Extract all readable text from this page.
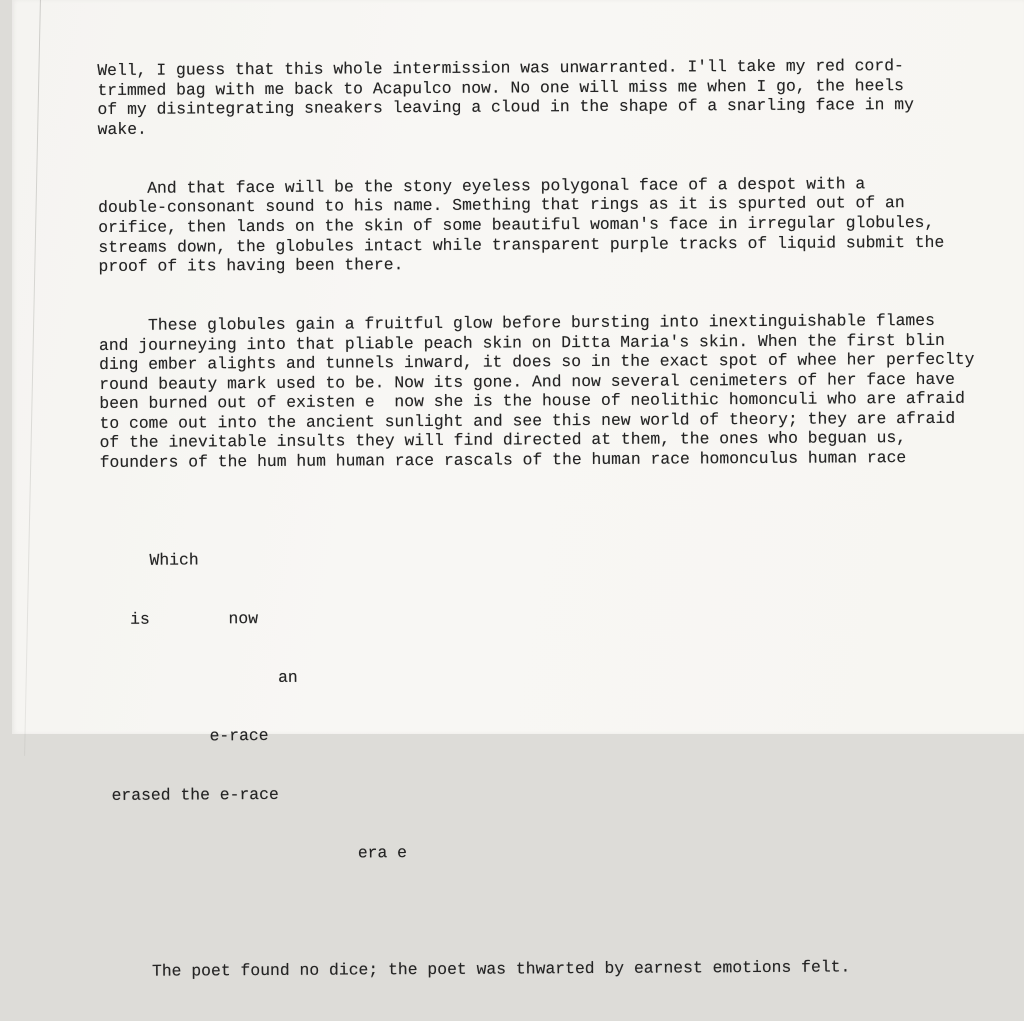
Well, I guess that this whole intermission was unwarranted. I'll take my red cord-
trimmed bag with me back to Acapulco now. No one will miss me when I go, the heels
of my disintegrating sneakers leaving a cloud in the shape of a snarling face in my
wake.

And that face will be the stony eyeless polygonal face of a despot with a
double-consonant sound to his name. Smething that rings as it is spurted out of an
orifice, then lands on the skin of some beautiful woman's face in irregular globules,
streams down, the globules intact while transparent purple tracks of liquid submit the
proof of its having been there.

These globules gain a fruitful glow before bursting into inextinguishable flames
and journeying into that pliable peach skin on Ditta Maria's skin. When the first blin
ding ember alights and tunnels inward, it does so in the exact spot of whee her perfeclty
round beauty mark used to be. Now its gone. And now several cenimeters of her face have
been burned out of existen e  now she is the house of neolithic homonculi who are afraid
to come out into the ancient sunlight and see this new world of theory; they are afraid
of the inevitable insults they will find directed at them, the ones who beguan us,
founders of the hum hum human race rascals of the human race homonculus human race

Which

is        now

an

e-race

erased the e-race

era e

The poet found no dice; the poet was thwarted by earnest emotions felt.
